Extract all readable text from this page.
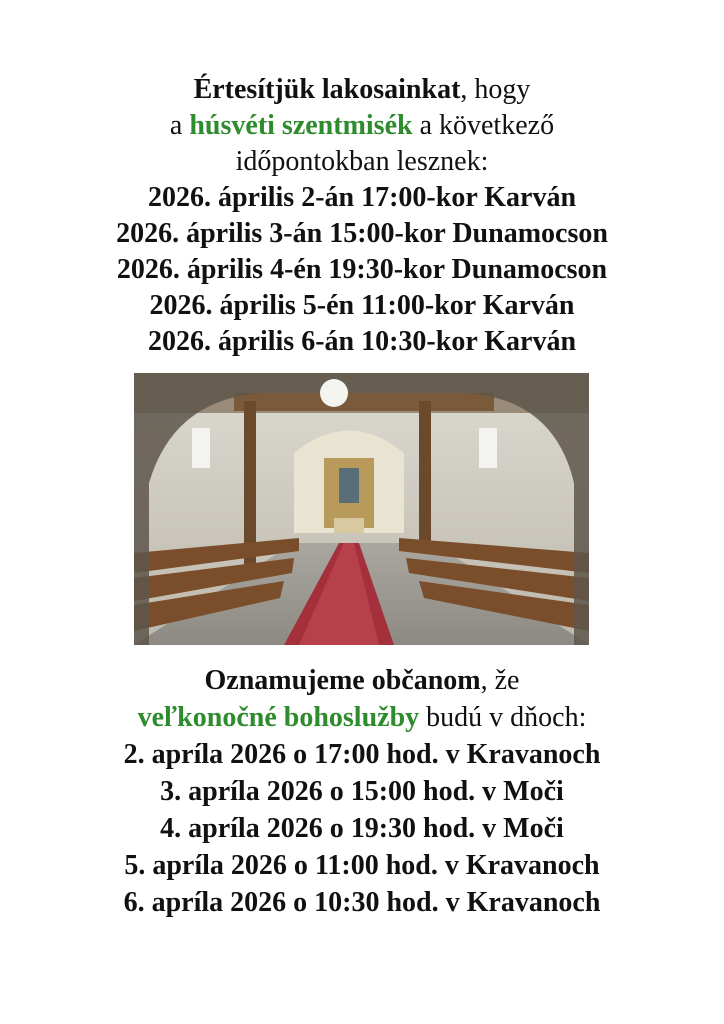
Értesítjük lakosainkat, hogy
a húsvéti szentmisék a következő
időpontokban lesznek:
2026. április 2-án 17:00-kor Karván
2026. április 3-án 15:00-kor Dunamocson
2026. április 4-én 19:30-kor Dunamocson
2026. április 5-én 11:00-kor Karván
2026. április 6-án 10:30-kor Karván
Oznamujeme občanom, že
veľkonočné bohoslužby budú v dňoch:
2. apríla 2026 o 17:00 hod. v Kravanoch
3. apríla 2026 o 15:00 hod. v Moči
4. apríla 2026 o 19:30 hod. v Moči
5. apríla 2026 o 11:00 hod. v Kravanoch
6. apríla 2026 o 10:30 hod. v Kravanoch
